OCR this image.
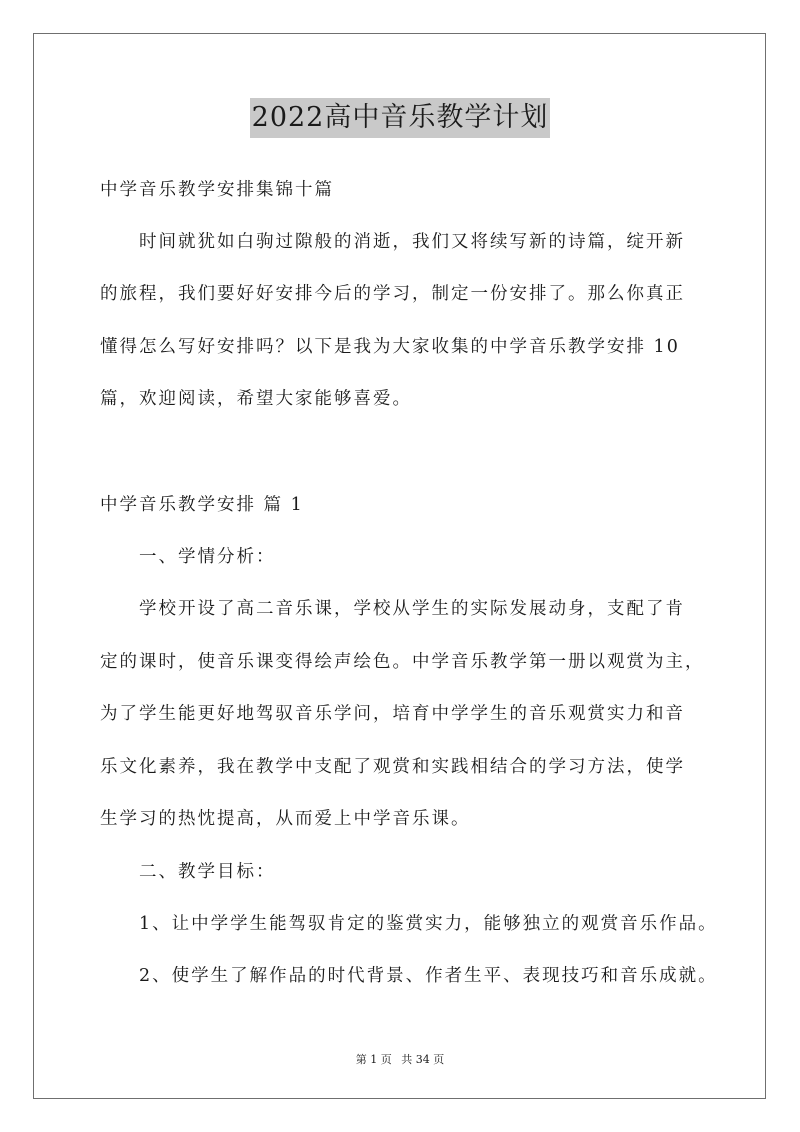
2022高中音乐教学计划
中学音乐教学安排集锦十篇
　　时间就犹如白驹过隙般的消逝，我们又将续写新的诗篇，绽开新
的旅程，我们要好好安排今后的学习，制定一份安排了。那么你真正
懂得怎么写好安排吗？以下是我为大家收集的中学音乐教学安排 10
篇，欢迎阅读，希望大家能够喜爱。
中学音乐教学安排 篇 1
　　一、学情分析：
　　学校开设了高二音乐课，学校从学生的实际发展动身，支配了肯
定的课时，使音乐课变得绘声绘色。中学音乐教学第一册以观赏为主，
为了学生能更好地驾驭音乐学问，培育中学学生的音乐观赏实力和音
乐文化素养，我在教学中支配了观赏和实践相结合的学习方法，使学
生学习的热忱提高，从而爱上中学音乐课。
　　二、教学目标：
　　1、让中学学生能驾驭肯定的鉴赏实力，能够独立的观赏音乐作品。
　　2、使学生了解作品的时代背景、作者生平、表现技巧和音乐成就。
第 1 页 共 34 页
